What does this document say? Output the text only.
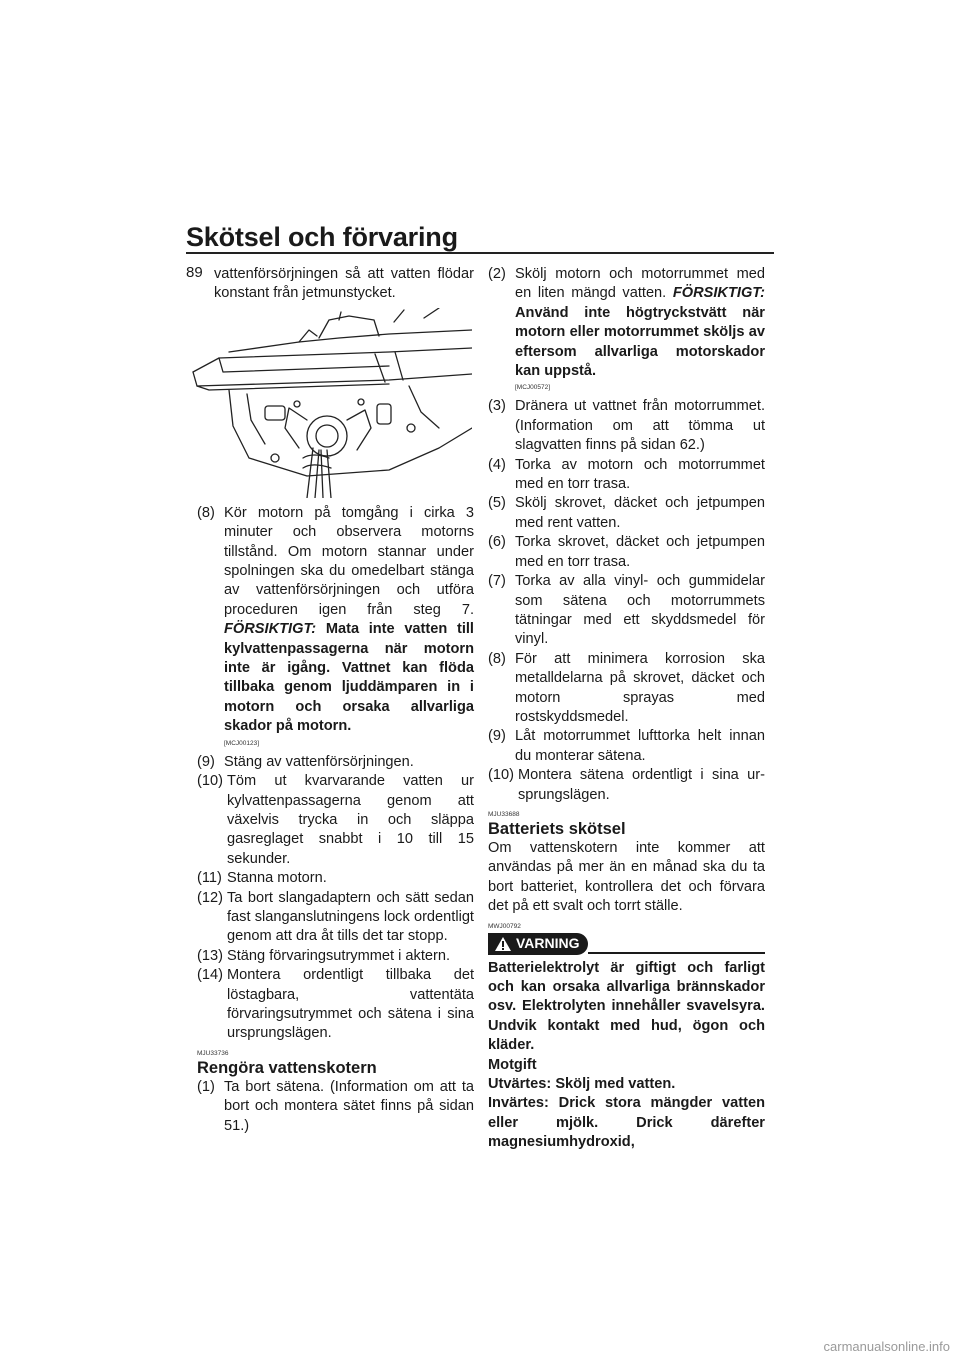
Skötsel och förvaring
89 vattenförsörjningen så att vatten flödar konstant från jetmunstycket.

(8) Kör motorn på tomgång i cirka 3 minuter och observera motorns tillstånd. Om motorn stannar under spolningen ska du omedelbart stänga av vattenförsörjningen och utföra proceduren igen från steg 7. FÖRSIKTIGT: Mata inte vatten till kylvattenpassagerna när motorn inte är igång. Vattnet kan flöda tillbaka genom ljuddämparen in i motorn och orsaka allvarliga skador på motorn.
[MCJ00123]
(9) Stäng av vattenförsörjningen.
(10) Töm ut kvarvarande vatten ur kylvattenpassagerna genom att växelvis trycka in och släppa gasreglaget snabbt i 10 till 15 sekunder.
(11) Stanna motorn.
(12) Ta bort slangadaptern och sätt sedan fast slanganslutningens lock ordentligt genom att dra åt tills det tar stopp.
(13) Stäng förvaringsutrymmet i aktern.
(14) Montera ordentligt tillbaka det löstagbara, vattentäta förvaringsutrymmet och sätena i sina ursprungslägen.
MJU33736
Rengöra vattenskotern
(1) Ta bort sätena. (Information om att ta bort och montera sätet finns på sidan 51.)
(2) Skölj motorn och motorrummet med en liten mängd vatten. FÖRSIKTIGT: Använd inte högtryckstvätt när motorn eller motorrummet sköljs av eftersom allvarliga motorskador kan uppstå.
[MCJ00572]
(3) Dränera ut vattnet från motorrummet. (Information om att tömma ut slagvatten finns på sidan 62.)
(4) Torka av motorn och motorrummet med en torr trasa.
(5) Skölj skrovet, däcket och jetpumpen med rent vatten.
(6) Torka skrovet, däcket och jetpumpen med en torr trasa.
(7) Torka av alla vinyl- och gummidelar som sätena och motorrummets tätningar med ett skyddsmedel för vinyl.
(8) För att minimera korrosion ska metalldelarna på skrovet, däcket och motorn sprayas med rostskyddsmedel.
(9) Låt motorrummet lufttorka helt innan du monterar sätena.
(10) Montera sätena ordentligt i sina ursprungslägen.
MJU33688
Batteriets skötsel

Om vattenskotern inte kommer att användas på mer än en månad ska du ta bort batteriet, kontrollera det och förvara det på ett svalt och torrt ställe.

MWJ00792
VARNING

Batterielektrolyt är giftigt och farligt och kan orsaka allvarliga brännskador osv. Elektrolyten innehåller svavelsyra. Undvik kontakt med hud, ögon och kläder.

Motgift

Utvärtes: Skölj med vatten.

Invärtes: Drick stora mängder vatten eller mjölk. Drick därefter magnesiumhydroxid,

carmanualsonline.info
